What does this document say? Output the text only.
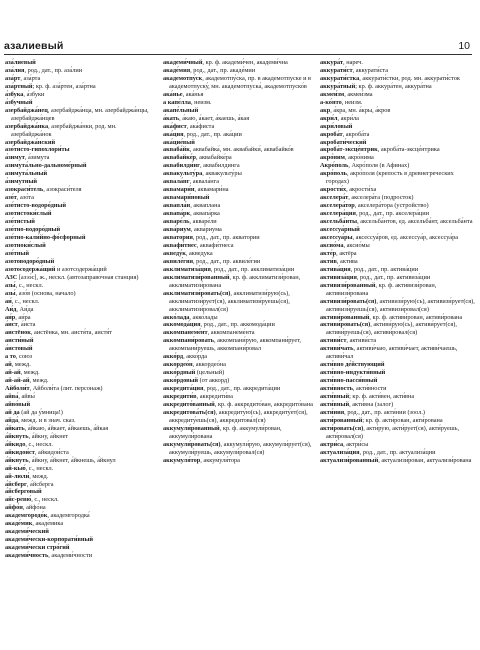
азалиевый	10
аза́лиевый
аза́лия, род., дат., пр. аза́лии
аза́рт, аза́рта
аза́ртный; кр. ф. аза́ртен, аза́ртна
а́збука, а́збуки
а́збучный
азербайджа́нец, азербайджа́нца, мн. азербайджа́нцы, азербайджа́нцев
азербайджа́нка, азербайджа́нки, род. мн. азербайджа́нок
азербайджа́нский
азо́тисто-гипохлори́ты
а́зимут, а́зимута
азимута́льно-дальноме́рный
азимута́льный
а́зимутный
азокраси́тель, азокраси́теля
азо́т, азо́та
азо́тисто-водоро́дный
азотистоки́слый
азо́тистый
азо́тно-водоро́дный
азо́тно-кали́йно-фо́сфорный
азотноки́слый
азо́тный
азотоводоро́дный
азотосодержа́щий и азотсодержа́щий
АЗС [азээ́с], ж., нескл. (автозаправочная станция)
азы́, с., нескл.
азы́, азо́в (основа, начало)
аи́, с., нескл.
Аи́д, Аи́да
аи́р, аи́ра
а́ист, а́иста
аистёнок, аистёнка, мн. аистя́та, аистя́т
аисти́ный
а́истовый
а то, союз
ай, межд.
ай-ай, межд.
ай-ай-ай, межд.
Айболи́т, Айболи́та (лит. персонаж)
айва́, айвы́
айво́вый
ай да (ай да у́мница!)
айда́, межд. и в знач. сказ.
а́йкать, а́йкаю, а́йкает, а́йкаешь, а́йкая
а́йкнуть, а́йкну, а́йкнет
а́йкидо, с., нескл.
айкидои́ст, айкидои́ста
а́йкнуть, а́йкну, а́йкнет, а́йкнешь, а́йкнул
ай-кью́, с., нескл.
ай-люли́, межд.
а́йсберг, а́йсберга
а́йсберговый
айс-ревю́, с., нескл.
айфо́н, айфо́на
академгородо́к, академгородка́
акаде́мик, акаде́мика
академи́ческий
академи́чески-корпорати́вный
академи́чески стро́гий
академи́чность, академи́чности
академи́чный, кр. ф. академи́чен, академи́чна
акаде́мия, род., дат., пр. акаде́мии
академотпу́ск, академотпу́ска, пр. в академотпуске и в академотпуску́, мн. академотпуска́, академотпуско́в
ака́нье, ака́нья
а капе́лла, неизм.
акапе́льный
а́кать, а́каю, а́кает, а́каешь, а́кая
ака́фист, ака́фиста
ака́ция, род., дат., пр. ака́ции
ака́цие́вый
акваба́йк, аквабайка́, мн. аквабайки́, аквабайко́в
аквабайке́р, аквабайке́ра
аквабилди́нг, аквабилдинга
аквакульту́ра, аквакульту́ры
аквала́нг, аквала́нга
аквамари́н, аквамари́на
аквамари́новый
аквапла́н, акваплана
аквапа́рк, аквапа́рка
акваре́ль, акваре́ли
аква́риум, аква́риума
акватория, род., дат., пр. акватории
аквафи́тнес, аквафи́тнеса
акведу́к, акведука
аквиле́гия, род., дат., пр. аквиле́гии
акклиматиза́ция, род., дат., пр. акклиматиза́ции
акклиматизи́рованный, кр. ф. акклиматизи́рован, акклиматизи́рована
акклиматизи́ровать(ся), акклиматизи́рую(сь), акклиматизи́рует(ся), акклиматизи́руешь(ся), акклиматизи́ровал(ся)
акко́лада, акко́лады
аккомода́ция, род., дат., пр. аккомода́ции
аккомпанеме́нт, аккомпанеме́нта
аккомпани́ровать, аккомпани́рую, аккомпани́рует, аккомпани́руешь, аккомпани́ровал
акко́рд, акко́рда
аккордео́н, аккордео́на
акко́рдный (цельный)
акко́рдовый (от аккорд)
аккредита́ция, род., дат., пр. аккредита́ции
аккредити́в, аккредити́ва
аккредито́ванный, кр. ф. аккредито́ван, аккредито́вана
аккредитова́ть(ся), аккредиту́ю(сь), аккредиту́ет(ся), аккредиту́ешь(ся), аккредитова́л(ся)
аккумули́рованный, кр. ф. аккумули́рован, аккумули́рована
аккумули́ровать(ся), аккумули́рую, аккумули́рует(ся), аккумули́руешь, аккумули́ровал(ся)
аккумуля́тор, аккумуля́тора
аккура́т, нареч.
аккурати́ст, аккурати́ста
аккурати́стка, аккурати́стки, род. мн. аккурати́сток
аккура́тный; кр. ф. аккура́тен, аккура́тна
акмеи́зм, акмеи́зма
а-ко́нто, неизм.
акр, а́кра, мн. а́кры, а́кров
акри́л, акри́ла
акри́ловый
акроба́т, акроба́та
акробати́ческий
акроба́т-эксце́нтрик, акроба́та-эксце́нтрика
акро́ним, акро́нима
Акро́поль, Акро́поля (в Афинах)
акро́поль, акро́поля (крепость в древнегреческих городах)
акрости́х, акрости́ха
акселера́т, акселера́та (подросток)
акселера́тор, акселера́тора (устройство)
акселера́ция, род., дат., пр. акселера́ции
аксельба́нты, аксельба́нтов, ед. аксельба́нт, аксельба́нта
аксессуа́рный
аксессуа́ры, аксессуа́ров, ед. аксессуа́р, аксессуа́ра
аксио́ма, аксио́мы
акте́р, актёра
акти́в, акти́ва
актива́ция, род., дат., пр. актива́ции
активиза́ция, род., дат., пр. активиза́ции
активизи́рованный, кр. ф. активизи́рован, активизи́рована
активизи́ровать(ся), активизи́рую(сь), активизи́рует(ся), активизи́руешь(ся), активизи́ровал(ся)
активи́рованный, кр. ф. активи́рован, активи́рована
активи́ровать(ся), активи́рую(сь), активи́рует(ся), активи́руешь(ся), активи́ровал(ся)
активи́ст, активи́ста
активи́чать, активи́чаю, активи́чает, активи́чаешь, активи́чал
акти́вно де́йствующий
акти́вно-индукти́вный
акти́вно-пасси́вный
акти́вность, акти́вности
акти́вный; кр. ф. акти́вен, акти́вна
акти́вный, акти́вна (залог)
акти́ния, род., дат., пр. акти́нии (зоол.)
акти́рованный; кр. ф. акти́рован, акти́рована
акти́ровать(ся), акти́рую, акти́рует(ся), акти́руешь, акти́ровал(ся)
актри́са, актри́сы
актуализа́ция, род., дат., пр. актуализа́ции
актуализи́рованный, актуализи́рован, актуализи́рована
